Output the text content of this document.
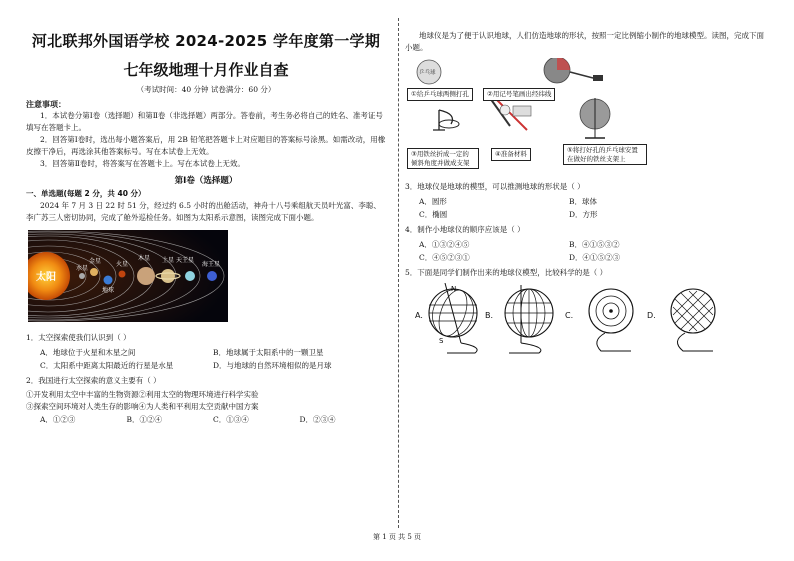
河北联邦外国语学校 2024-2025 学年度第一学期

七年级地理十月作业自查

（考试时间：40 分钟 试卷满分：60 分）

注意事项：

1．本试卷分第Ⅰ卷（选择题）和第Ⅱ卷（非选择题）两部分。答卷前，考生务必将自己的姓名、准考证号填写在答题卡上。

2．回答第Ⅰ卷时，选出每小题答案后，用 2B 铅笔把答题卡上对应题目的答案标号涂黑。如需改动，用橡皮擦干净后，再选涂其他答案标号。写在本试卷上无效。

3．回答第Ⅱ卷时，将答案写在答题卡上。写在本试卷上无效。

第Ⅰ卷（选择题）

一、单选题(每题 2 分，共 40 分）

2024 年 7 月 3 日 22 时 51 分，经过约 6.5 小时的出舱活动，神舟十八号乘组航天员叶光富、李聪、李广苏三人密切协同，完成了舱外巡检任务。如图为太阳系示意图，读图完成下面小题。

太阳
水星
金星
地球
火星
木星 土星 天王星
海王星

1．太空探索使我们认识到（ ）

A．地球位于火星和木星之间	B．地球属于太阳系中的一颗卫星
C．太阳系中距离太阳最近的行星是水星	D．与地球的自然环境相似的是月球

2．我国进行太空探索的意义主要有（ ）

①开发利用太空中丰富的生物资源②利用太空的物理环境进行科学实验

③探索空间环境对人类生存的影响④为人类和平利用太空贡献中国方案

A．①②③	B．①②④	C．①③④	D．②③④

地球仪是为了便于认识地球，人们仿造地球的形状，按照一定比例缩小制作的地球模型。读图，完成下面小题。

乒乓球
①给乒乓球两侧打孔	②用记号笔画出经纬线
③用铁丝折成一定的倾斜角度并做成支架
④准备材料	⑤将打好孔的乒乓球安置在做好的铁丝支架上

3．地球仪是地球的模型，可以推测地球的形状是（ ）

A．圆形	B．球体
C．椭圆	D．方形

4．制作小地球仪的顺序应该是（ ）

A．①③②④⑤	B．④①⑤③②
C．④⑤②③①	D．④①⑤②③

5．下面是同学们制作出来的地球仪模型，比较科学的是（ ）

A.	B.	C.	D.
N
S
第 1 页 共 5 页
